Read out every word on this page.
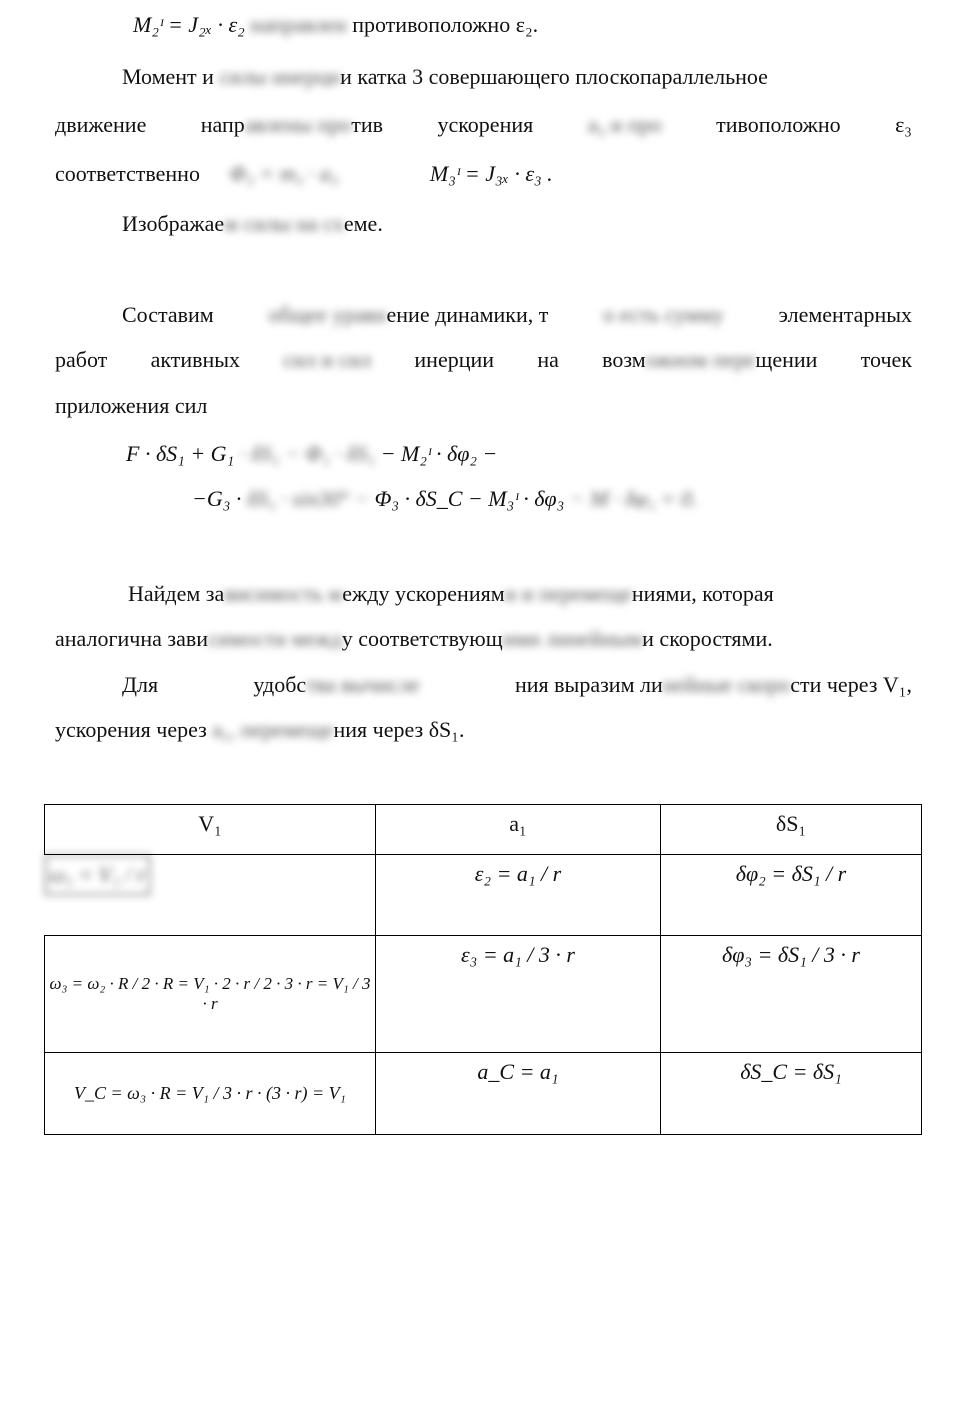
M₂ᶦ = J₂ₓ · ε₂ направлен противоположно ε₂.
Момент и силы инерции катка 3 совершающего плоскопараллельное
движение направлены против ускорения a₃ и про тивоположно ε₃
соответственно Φ₃ = m₃ · a₃	M₃ᶦ = J₃ₓ · ε₃ .
Изображаем силы на схеме.
Составим общее уравнение динамики, т о есть сумму элементарных
работ активных сил и сил инерции на возможном перещении точек
приложения сил
F · δS₁ + G₁ · δS₁ − Φ₁ · δS₁ − M₂ᶦ · δφ₂ −
−G₃ · δS₁ · sin30° − Φ₃ · δS_C − M₃ᶦ · δφ₃ − M · δφ₁ = 0.
Найдем зависимость между ускорениями и перемещениями, которая
аналогична зависимости между соответствующими линейными скоростями.
Для	удобства вычисле	ния выразим линейные скорости через V₁,
ускорения через a₁, перемещения через δS₁.
V₁	a₁	δS₁
ω₁ = V₁ / r	ε₂ = a₁ / r	δφ₂ = δS₁ / r
ω₃ = ω₂ · R / 2 · R = V₁ · 2 · r / 2 · 3 · r = V₁ / 3 · r	ε₃ = a₁ / 3 · r	δφ₃ = δS₁ / 3 · r
V_C = ω₃ · R = V₁ / 3 · r · (3 · r) = V₁	a_C = a₁	δS_C = δS₁
